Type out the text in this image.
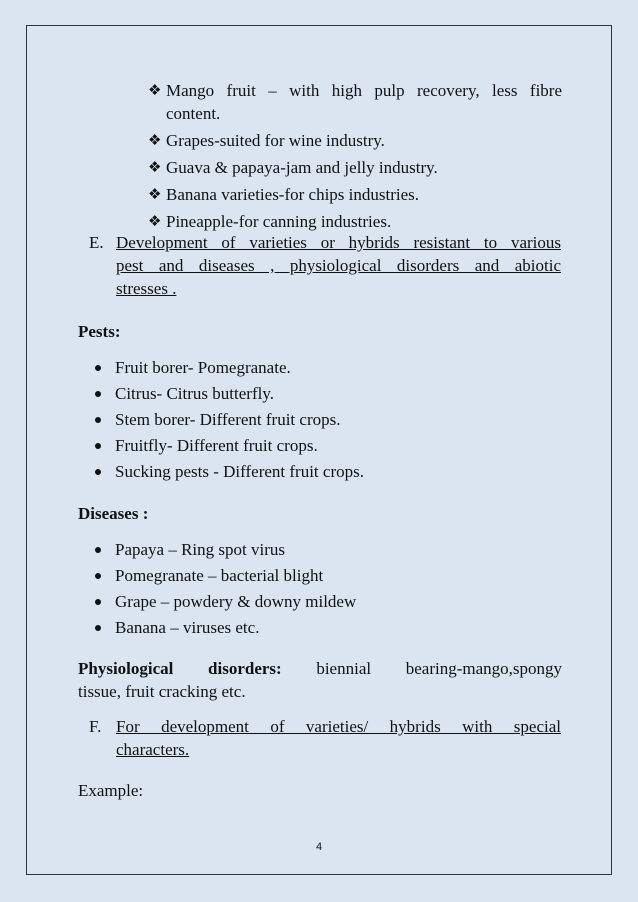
❖ Mango fruit – with high pulp recovery, less fibre
content.
❖ Grapes-suited for wine industry.
❖ Guava & papaya-jam and jelly industry.
❖ Banana varieties-for chips industries.
❖ Pineapple-for canning industries.
E. Development of varieties or hybrids resistant to various
pest and diseases , physiological disorders and abiotic
stresses .
Pests:
Fruit borer- Pomegranate.
Citrus- Citrus butterfly.
Stem borer- Different fruit crops.
Fruitfly- Different fruit crops.
Sucking pests - Different fruit crops.
Diseases :
Papaya – Ring spot virus
Pomegranate – bacterial blight
Grape – powdery & downy mildew
Banana – viruses etc.
Physiological disorders: biennial bearing-mango,spongy
tissue, fruit cracking etc.
F. For development of varieties/ hybrids with special
characters.
Example:
4
